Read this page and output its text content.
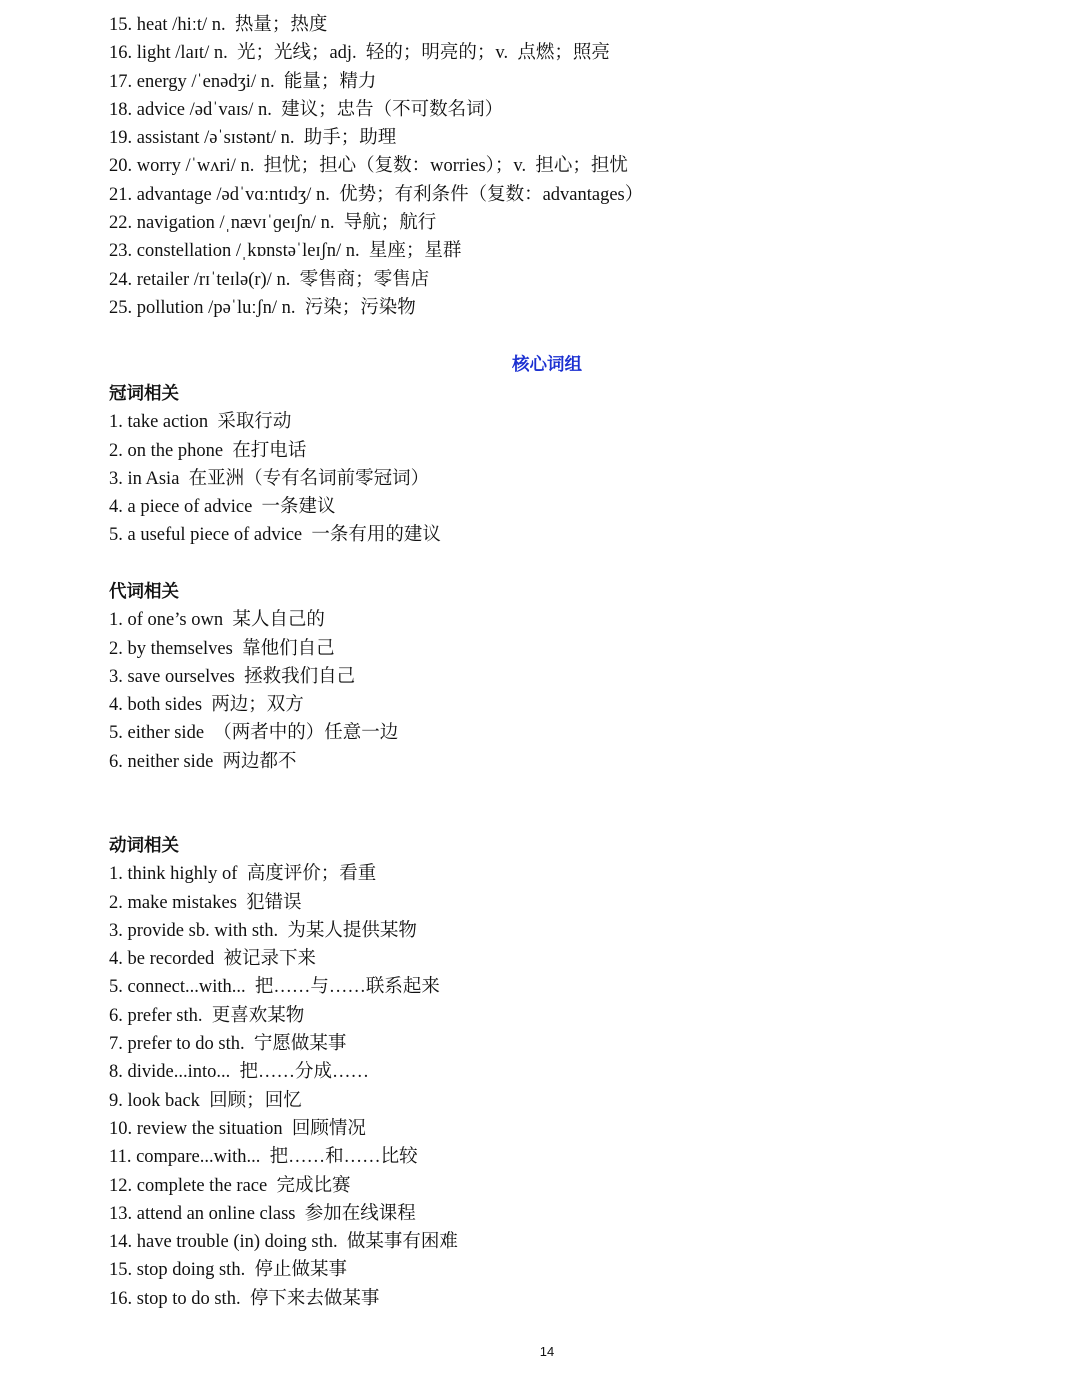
15. heat /hiːt/ n.  热量；热度
16. light /laɪt/ n.  光；光线；adj.  轻的；明亮的；v.  点燃；照亮
17. energy /ˈenədʒi/ n.  能量；精力
18. advice /ədˈvaɪs/ n.  建议；忠告（不可数名词）
19. assistant /əˈsɪstənt/ n.  助手；助理
20. worry /ˈwʌri/ n.  担忧；担心（复数：worries）；v.  担心；担忧
21. advantage /ədˈvɑːntɪdʒ/ n.  优势；有利条件（复数：advantages）
22. navigation /ˌnævɪˈɡeɪʃn/ n.  导航；航行
23. constellation /ˌkɒnstəˈleɪʃn/ n.  星座；星群
24. retailer /rɪˈteɪlə(r)/ n.  零售商；零售店
25. pollution /pəˈluːʃn/ n.  污染；污染物
核心词组
冠词相关
1. take action  采取行动
2. on the phone  在打电话
3. in Asia  在亚洲（专有名词前零冠词）
4. a piece of advice  一条建议
5. a useful piece of advice  一条有用的建议
代词相关
1. of one’s own  某人自己的
2. by themselves  靠他们自己
3. save ourselves  拯救我们自己
4. both sides  两边；双方
5. either side  （两者中的）任意一边
6. neither side  两边都不
动词相关
1. think highly of  高度评价；看重
2. make mistakes  犯错误
3. provide sb. with sth.  为某人提供某物
4. be recorded  被记录下来
5. connect...with...  把……与……联系起来
6. prefer sth.  更喜欢某物
7. prefer to do sth.  宁愿做某事
8. divide...into...  把……分成……
9. look back  回顾；回忆
10. review the situation  回顾情况
11. compare...with...  把……和……比较
12. complete the race  完成比赛
13. attend an online class  参加在线课程
14. have trouble (in) doing sth.  做某事有困难
15. stop doing sth.  停止做某事
16. stop to do sth.  停下来去做某事
14
